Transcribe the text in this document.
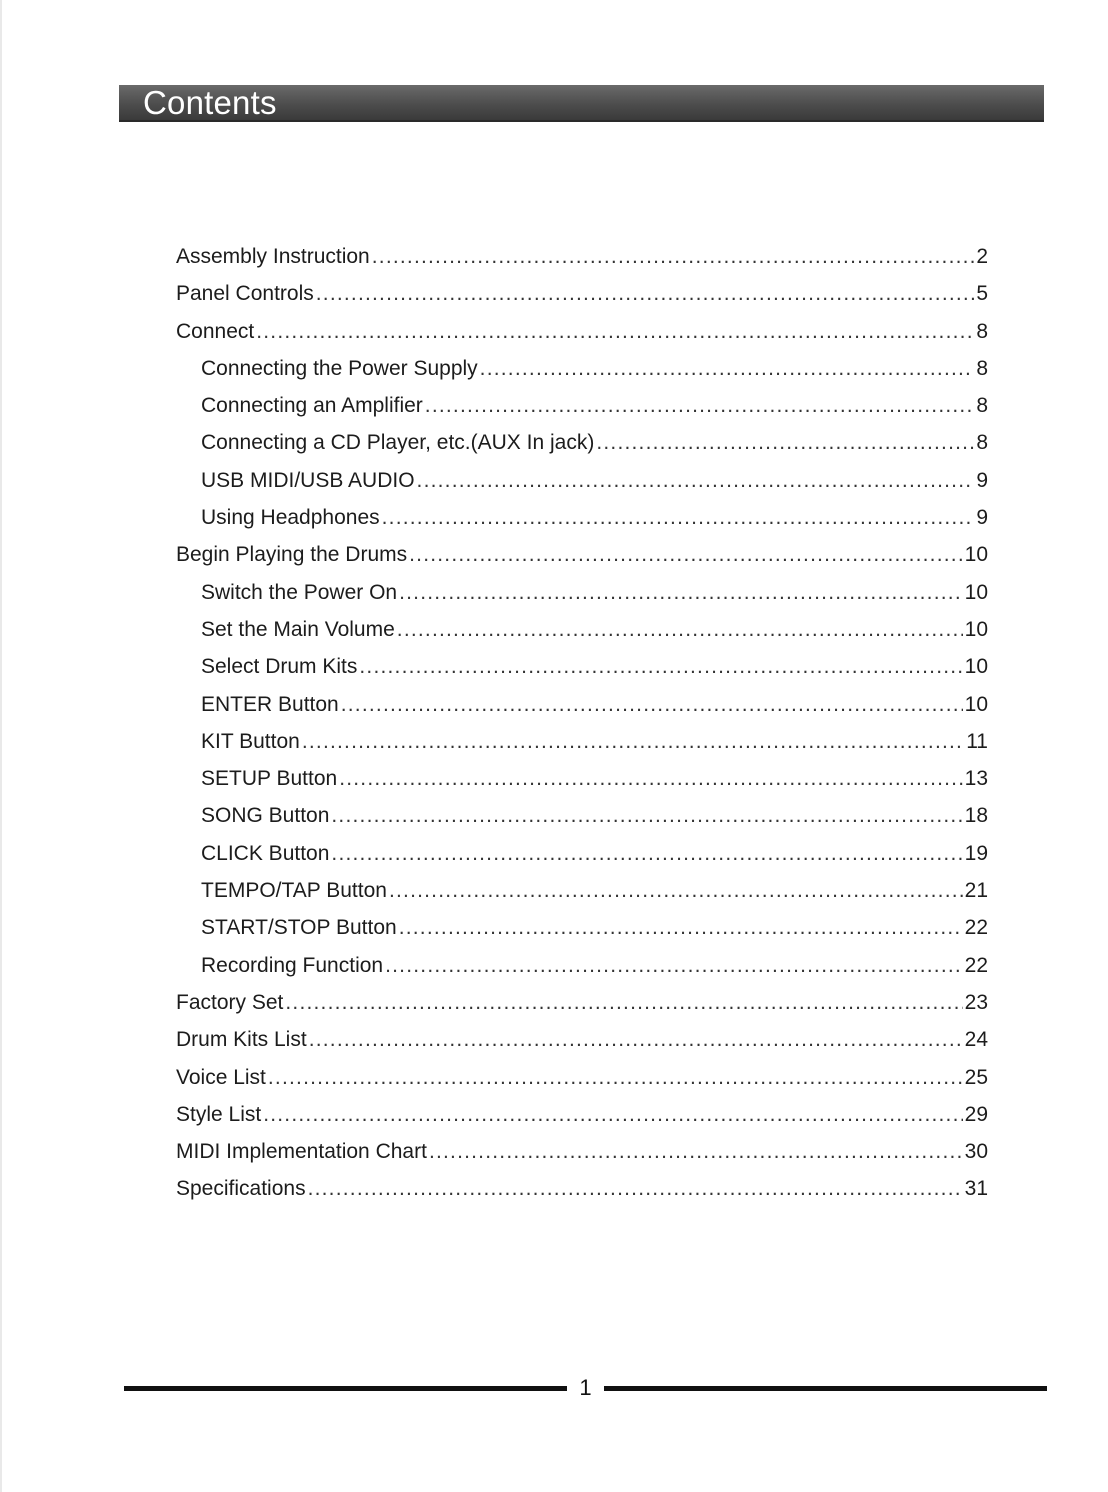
Contents
Assembly Instruction .....	2
Panel Controls .....	5
Connect .....	8
Connecting the Power Supply .....	8
Connecting an Amplifier .....	8
Connecting a CD Player, etc.(AUX In jack) .....	8
USB MIDI/USB AUDIO .....	9
Using Headphones .....	9
Begin Playing the Drums .....	10
Switch the Power On .....	10
Set the Main Volume .....	10
Select Drum Kits .....	10
ENTER Button .....	10
KIT Button .....	11
SETUP Button .....	13
SONG Button .....	18
CLICK Button .....	19
TEMPO/TAP Button .....	21
START/STOP Button .....	22
Recording Function .....	22
Factory Set .....	23
Drum Kits List .....	24
Voice List .....	25
Style List .....	29
MIDI Implementation Chart .....	30
Specifications .....	31
1
